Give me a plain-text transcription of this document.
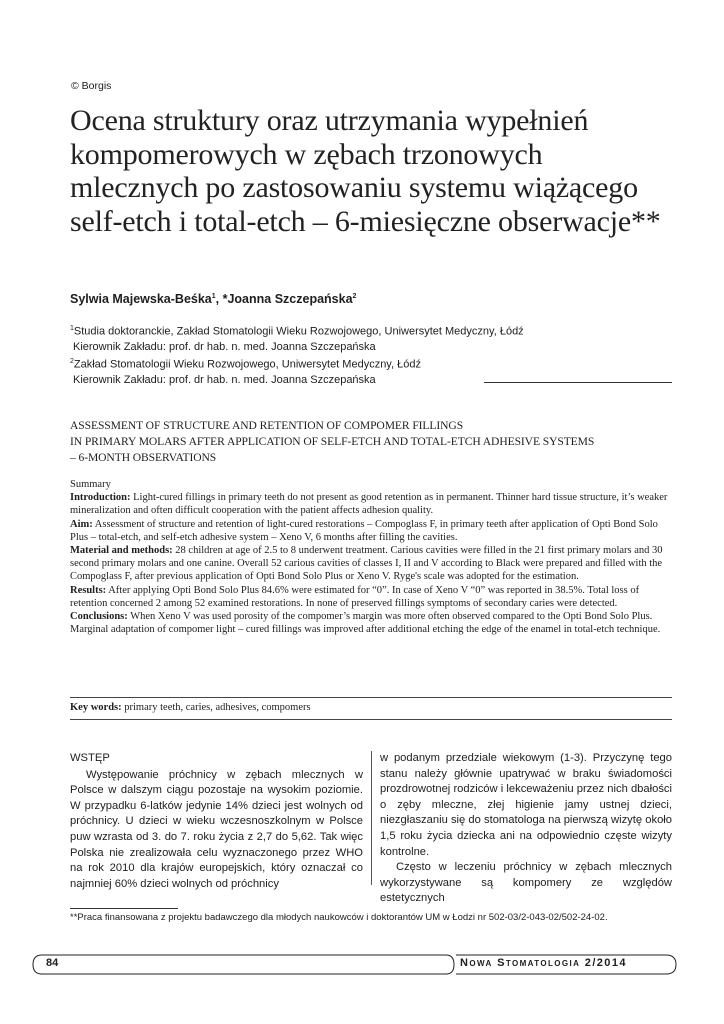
© Borgis
Ocena struktury oraz utrzymania wypełnień kompomerowych w zębach trzonowych mlecznych po zastosowaniu systemu wiążącego self-etch i total-etch – 6-miesięczne obserwacje**
Sylwia Majewska-Beśka$^1$, *Joanna Szczepańska$^2$
$^1$Studia doktoranckie, Zakład Stomatologii Wieku Rozwojowego, Uniwersytet Medyczny, Łódź
Kierownik Zakładu: prof. dr hab. n. med. Joanna Szczepańska
$^2$Zakład Stomatologii Wieku Rozwojowego, Uniwersytet Medyczny, Łódź
Kierownik Zakładu: prof. dr hab. n. med. Joanna Szczepańska
ASSESSMENT OF STRUCTURE AND RETENTION OF COMPOMER FILLINGS
IN PRIMARY MOLARS AFTER APPLICATION OF SELF-ETCH AND TOTAL-ETCH ADHESIVE SYSTEMS
– 6-MONTH OBSERVATIONS

Summary

Introduction: Light-cured fillings in primary teeth do not present as good retention as in permanent. Thinner hard tissue structure, it’s weaker mineralization and often difficult cooperation with the patient affects adhesion quality.

Aim: Assessment of structure and retention of light-cured restorations – Compoglass F, in primary teeth after application of Opti Bond Solo Plus – total-etch, and self-etch adhesive system – Xeno V, 6 months after filling the cavities.

Material and methods: 28 children at age of 2.5 to 8 underwent treatment. Carious cavities were filled in the 21 first primary molars and 30 second primary molars and one canine. Overall 52 carious cavities of classes I, II and V according to Black were prepared and filled with the Compoglass F, after previous application of Opti Bond Solo Plus or Xeno V. Ryge's scale was adopted for the estimation.

Results: After applying Opti Bond Solo Plus 84.6% were estimated for “0”. In case of Xeno V “0” was reported in 38.5%. Total loss of retention concerned 2 among 52 examined restorations. In none of preserved fillings symptoms of secondary caries were detected.

Conclusions: When Xeno V was used porosity of the compomer’s margin was more often observed compared to the Opti Bond Solo Plus. Marginal adaptation of compomer light – cured fillings was improved after additional etching the edge of the enamel in total-etch technique.

Key words: primary teeth, caries, adhesives, compomers
WSTĘP

Występowanie próchnicy w zębach mlecznych w Polsce w dalszym ciągu pozostaje na wysokim poziomie. W przypadku 6-latków jedynie 14% dzieci jest wolnych od próchnicy. U dzieci w wieku wczesnoszkolnym w Polsce puw wzrasta od 3. do 7. roku życia z 2,7 do 5,62. Tak więc Polska nie zrealizowała celu wyznaczonego przez WHO na rok 2010 dla krajów europejskich, który oznaczał co najmniej 60% dzieci wolnych od próchnicy

w podanym przedziale wiekowym (1-3). Przyczynę tego stanu należy głównie upatrywać w braku świadomości prozdrowotnej rodziców i lekceważeniu przez nich dbałości o zęby mleczne, złej higienie jamy ustnej dzieci, niezgłaszaniu się do stomatologa na pierwszą wizytę około 1,5 roku życia dziecka ani na odpowiednio częste wizyty kontrolne.

Często w leczeniu próchnicy w zębach mlecznych wykorzystywane są kompomery ze względów estetycznych

**Praca finansowana z projektu badawczego dla młodych naukowców i doktorantów UM w Łodzi nr 502-03/2-043-02/502-24-02.
84	Nowa Stomatologia 2/2014
